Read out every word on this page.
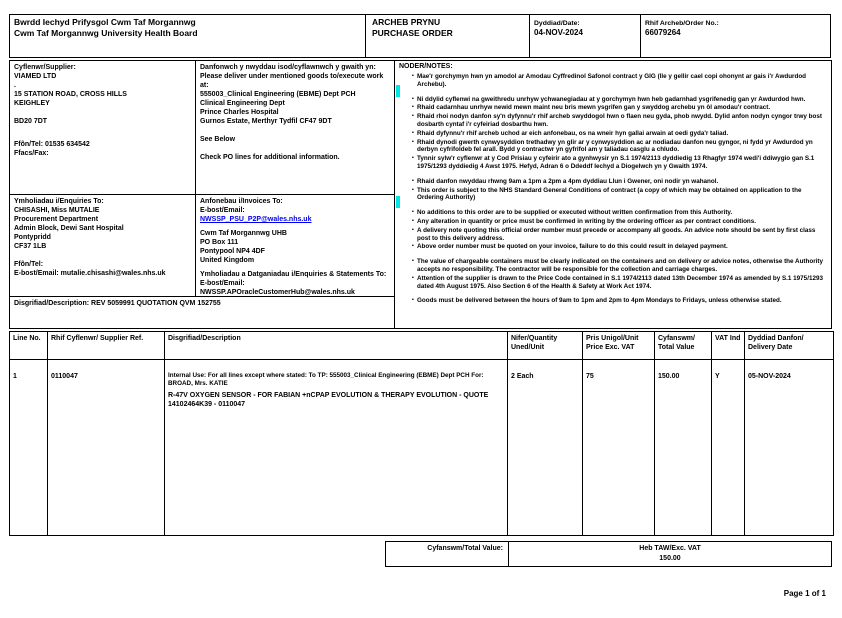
Bwrdd Iechyd Prifysgol Cwm Taf Morgannwg
Cwm Taf Morgannwg University Health Board
ARCHEB PRYNU
PURCHASE ORDER
Dyddiad/Date:
04-NOV-2024
Rhif Archeb/Order No.:
66079264
Cyflenwr/Supplier:
VIAMED LTD
.
15 STATION ROAD, CROSS HILLS
KEIGHLEY
BD20 7DT
Ffôn/Tel: 01535 634542
Ffacs/Fax:
Danfonwch y nwyddau isod/cyflawnwch y gwaith yn: Please deliver under mentioned goods to/execute work at:
555003_Clinical Engineering (EBME) Dept PCH
Clinical Engineering Dept
Prince Charles Hospital
Gurnos Estate, Merthyr Tydfil CF47 9DT
See Below
Check PO lines for additional information.
Ymholiadau i/Enquiries To:
CHISASHI, Miss MUTALIE
Procurement Department
Admin Block, Dewi Sant Hospital
Pontypridd
CF37 1LB
Ffôn/Tel:
E-bost/Email: mutalie.chisashi@wales.nhs.uk
Anfonebau i/Invoices To:
E-bost/Email:
NWSSP_PSU_P2P@wales.nhs.uk
Cwm Taf Morgannwg UHB
PO Box 111
Pontypool NP4 4DF
United Kingdom
Ymholiadau a Datganiadau i/Enquiries & Statements To:
E-bost/Email:
NWSSP.APOracleCustomerHub@wales.nhs.uk
Disgrifiad/Description: REV 5059991 QUOTATION QVM 152755
NODER/NOTES:
▪
Mae'r gorchymyn hwn yn amodol ar Amodau Cyffredinol Safonol contract y GIG (lle y gellir cael copi ohonynt ar gais i'r Awdurdod Archebu).
▪
Ni ddylid cyflenwi na gweithredu unrhyw ychwanegiadau at y gorchymyn hwn heb gadarnhad ysgrifenedig gan yr Awdurdod hwn.
▪
Rhaid cadarnhau unrhyw newid mewn maint neu bris mewn ysgrifen gan y swyddog archebu yn ôl amodau'r contract.
▪
Rhaid rhoi nodyn danfon sy'n dyfynnu'r rhif archeb swyddogol hwn o flaen neu gyda, phob nwydd. Dylid anfon nodyn cyngor trwy bost dosbarth cyntaf i'r cyfeiriad dosbarthu hwn.
▪
Rhaid dyfynnu'r rhif archeb uchod ar eich anfonebau, os na wneir hyn gallai arwain at oedi gyda'r taliad.
▪
Rhaid dynodi gwerth cynwysyddion trethadwy yn glir ar y cynwysyddion ac ar nodiadau danfon neu gyngor, ni fydd yr Awdurdod yn derbyn cyfrifoldeb fel arall. Bydd y contractwr yn gyfrifol am y taliadau casglu a chludo.
▪
Tynnir sylw'r cyflenwr at y Cod Prisiau y cyfeirir ato a gynhwysir yn S.1 1974/2113 dyddiedig 13 Rhagfyr 1974 wedi'i ddiwygio gan S.1 1975/1293 dyddiedig 4 Awst 1975. Hefyd, Adran 6 o Ddeddf Iechyd a Diogelwch yn y Gwaith 1974.
▪
Rhaid danfon nwyddau rhwng 9am a 1pm a 2pm a 4pm dyddiau Llun i Gwener, oni nodir yn wahanol.
▪
This order is subject to the NHS Standard General Conditions of contract (a copy of which may be obtained on application to the Ordering Authority)
▪
No additions to this order are to be supplied or executed without written confirmation from this Authority.
▪
Any alteration in quantity or price must be confirmed in writing by the ordering officer as per contract conditions.
▪
A delivery note quoting this official order number must precede or accompany all goods. An advice note should be sent by first class post to this delivery address.
▪
Above order number must be quoted on your invoice, failure to do this could result in delayed payment.
▪
The value of chargeable containers must be clearly indicated on the containers and on delivery or advice notes, otherwise the Authority accepts no responsibility. The contractor will be responsible for the collection and carriage charges.
▪
Attention of the supplier is drawn to the Price Code contained in S.1 1974/2113 dated 13th December 1974 as amended by S.1 1975/1293 dated 4th August 1975. Also Section 6 of the Health & Safety at Work Act 1974.
▪
Goods must be delivered between the hours of 9am to 1pm and 2pm to 4pm Mondays to Fridays, unless otherwise stated.
Line No.	Rhif Cyflenwr/ Supplier Ref.	Disgrifiad/Description	Nifer/Quantity Uned/Unit	Pris Unigol/Unit Price Exc. VAT	Cyfanswm/ Total Value	VAT Ind	Dyddiad Danfon/ Delivery Date
1	0110047	Internal Use: For all lines except where stated: To TP: 555003_Clinical Engineering (EBME) Dept PCH For: BROAD, Mrs. KATIE
R-47V OXYGEN SENSOR - FOR FABIAN +nCPAP EVOLUTION & THERAPY EVOLUTION - QUOTE 14102464K39 - 0110047	2 Each	75	150.00	Y	05-NOV-2024
Cyfanswm/Total Value:	Heb TAW/Exc. VAT
150.00
Page 1 of 1
